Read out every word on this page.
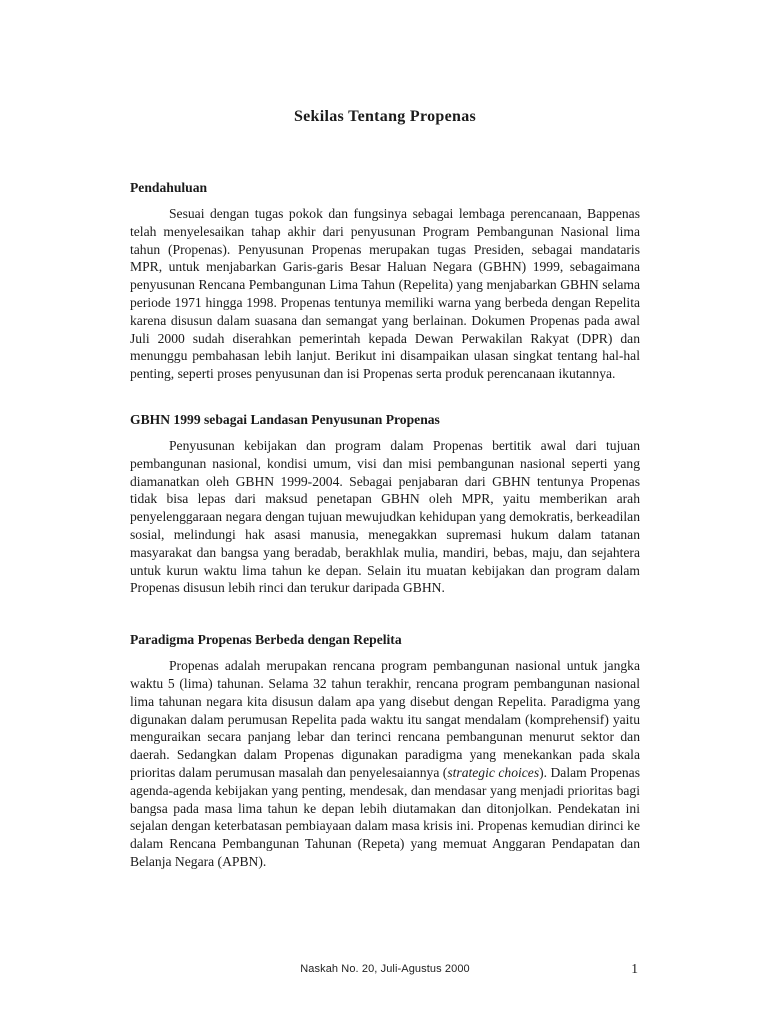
Sekilas Tentang Propenas
Pendahuluan

Sesuai dengan tugas pokok dan fungsinya sebagai lembaga perencanaan, Bappenas telah menyelesaikan tahap akhir dari penyusunan Program Pembangunan Nasional lima tahun (Propenas). Penyusunan Propenas merupakan tugas Presiden, sebagai mandataris MPR, untuk menjabarkan Garis-garis Besar Haluan Negara (GBHN) 1999, sebagaimana penyusunan Rencana Pembangunan Lima Tahun (Repelita) yang menjabarkan GBHN selama periode 1971 hingga 1998. Propenas tentunya memiliki warna yang berbeda dengan Repelita karena disusun dalam suasana dan semangat yang berlainan. Dokumen Propenas pada awal Juli 2000 sudah diserahkan pemerintah kepada Dewan Perwakilan Rakyat (DPR) dan menunggu pembahasan lebih lanjut. Berikut ini disampaikan ulasan singkat tentang hal-hal penting, seperti proses penyusunan dan isi Propenas serta produk perencanaan ikutannya.

GBHN 1999 sebagai Landasan Penyusunan Propenas

Penyusunan kebijakan dan program dalam Propenas bertitik awal dari tujuan pembangunan nasional, kondisi umum, visi dan misi pembangunan nasional seperti yang diamanatkan oleh GBHN 1999-2004. Sebagai penjabaran dari GBHN tentunya Propenas tidak bisa lepas dari maksud penetapan GBHN oleh MPR, yaitu memberikan arah penyelenggaraan negara dengan tujuan mewujudkan kehidupan yang demokratis, berkeadilan sosial, melindungi hak asasi manusia, menegakkan supremasi hukum dalam tatanan masyarakat dan bangsa yang beradab, berakhlak mulia, mandiri, bebas, maju, dan sejahtera untuk kurun waktu lima tahun ke depan. Selain itu muatan kebijakan dan program dalam Propenas disusun lebih rinci dan terukur daripada GBHN.

Paradigma Propenas Berbeda dengan Repelita

Propenas adalah merupakan rencana program pembangunan nasional untuk jangka waktu 5 (lima) tahunan. Selama 32 tahun terakhir, rencana program pembangunan nasional lima tahunan negara kita disusun dalam apa yang disebut dengan Repelita. Paradigma yang digunakan dalam perumusan Repelita pada waktu itu sangat mendalam (komprehensif) yaitu menguraikan secara panjang lebar dan terinci rencana pembangunan menurut sektor dan daerah. Sedangkan dalam Propenas digunakan paradigma yang menekankan pada skala prioritas dalam perumusan masalah dan penyelesaiannya (strategic choices). Dalam Propenas agenda-agenda kebijakan yang penting, mendesak, dan mendasar yang menjadi prioritas bagi bangsa pada masa lima tahun ke depan lebih diutamakan dan ditonjolkan. Pendekatan ini sejalan dengan keterbatasan pembiayaan dalam masa krisis ini. Propenas kemudian dirinci ke dalam Rencana Pembangunan Tahunan (Repeta) yang memuat Anggaran Pendapatan dan Belanja Negara (APBN).

Naskah No. 20, Juli-Agustus 2000	1
